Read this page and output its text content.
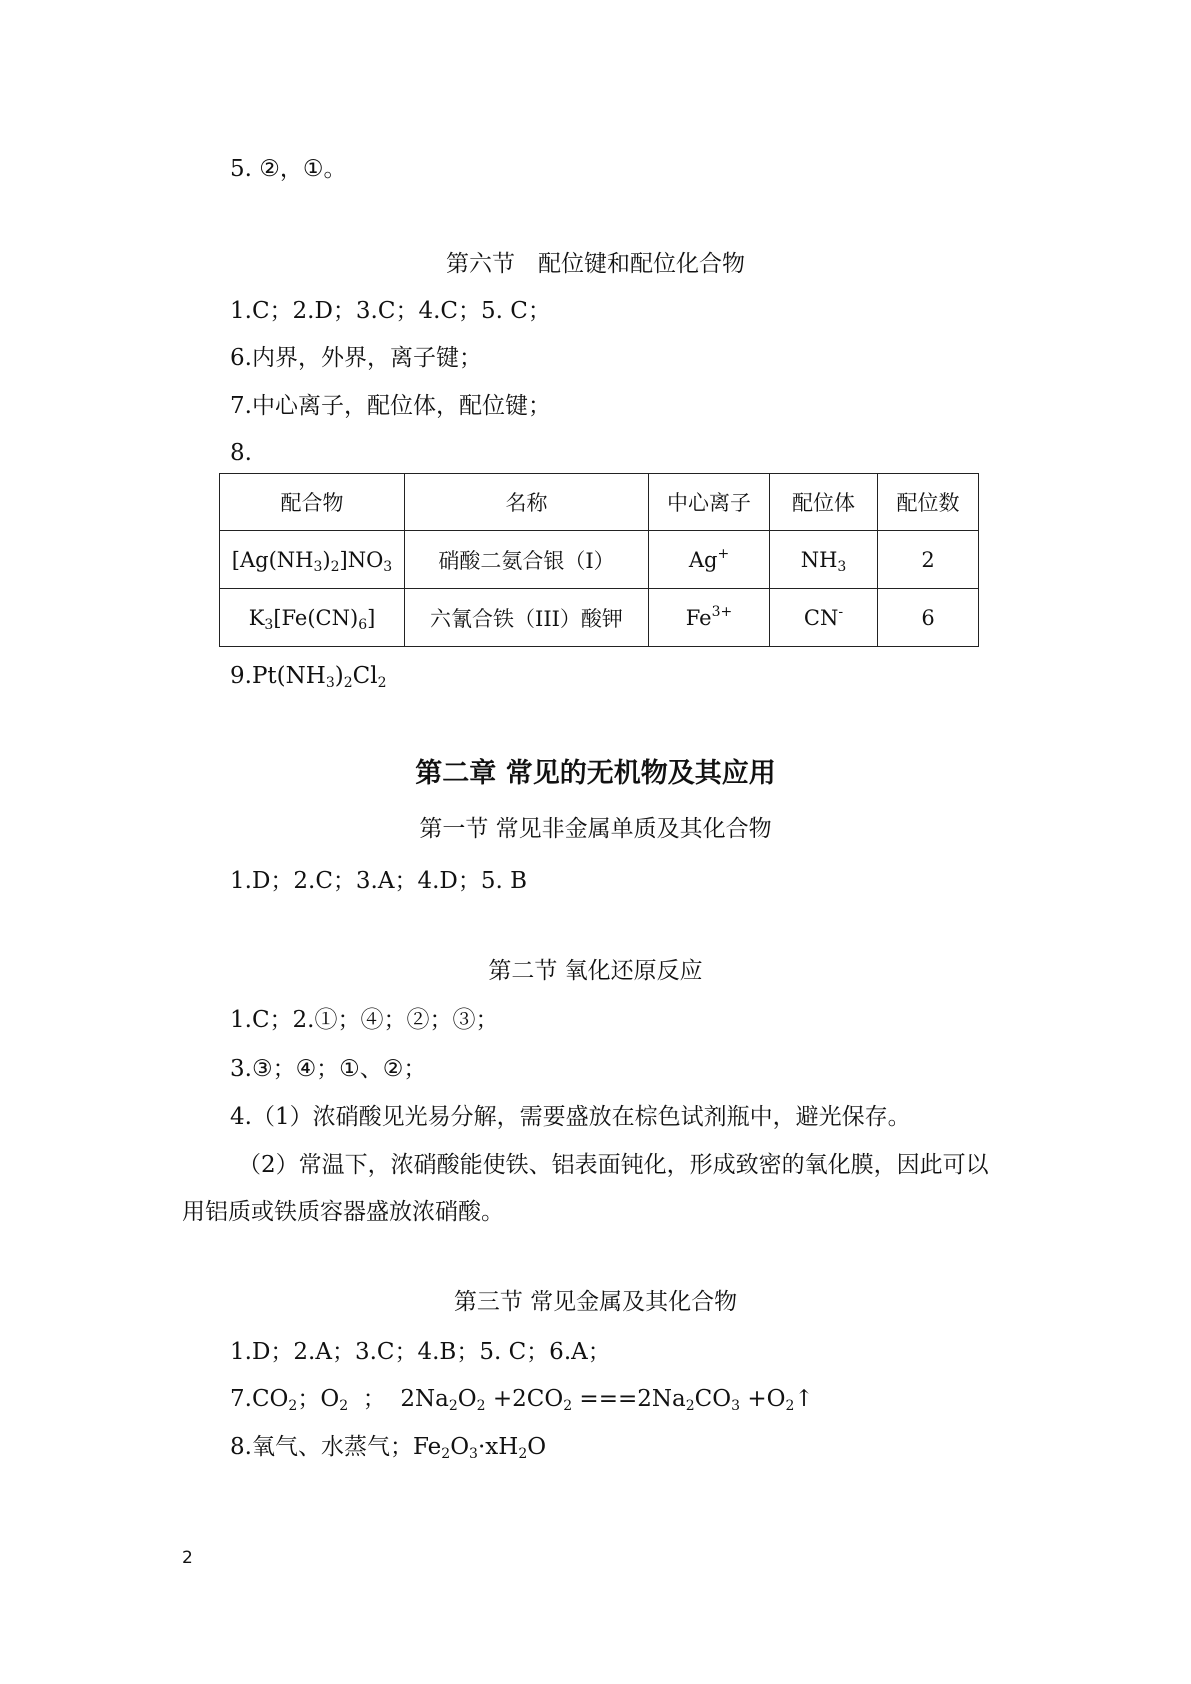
5. ②，①。
第六节　配位键和配位化合物
1.C；2.D；3.C；4.C；5. C；
6.内界，外界，离子键；
7.中心离子，配位体，配位键；
8.
配合物	名称	中心离子	配位体	配位数
$[Ag(NH_3)_2]NO_3$	硝酸二氨合银（I）	Ag+	$NH_3$	2
$K_3[Fe(CN)_6]$	六氰合铁（III）酸钾	$Fe^{3+}$	CN-	6
$9.Pt(NH_3)_2Cl_2$
第二章 常见的无机物及其应用
第一节 常见非金属单质及其化合物
1.D；2.C；3.A；4.D；5. B
第二节 氧化还原反应
1.C；2.①；④；②；③；
3.③；④；①、②；
4.（1）浓硝酸见光易分解，需要盛放在棕色试剂瓶中，避光保存。
（2）常温下，浓硝酸能使铁、铝表面钝化，形成致密的氧化膜，因此可以
用铝质或铁质容器盛放浓硝酸。
第三节 常见金属及其化合物
1.D；2.A；3.C；4.B；5. C；6.A；
$7.CO_2$；$O_2$  ；  $2Na_2O_2 +2CO_2 ===2Na_2CO_3$ $+O_2↑$
8.氧气、水蒸气；$Fe_2O_3\cdot xH_2O$
2
